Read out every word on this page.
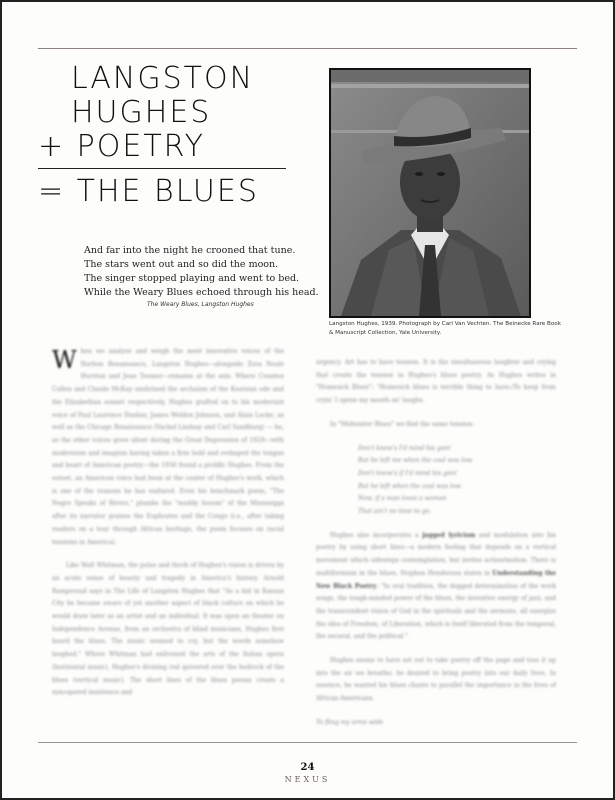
LANGSTON
HUGHES
+ POETRY
= THE BLUES
And far into the night he crooned that tune.
The stars went out and so did the moon.
The singer stopped playing and went to bed.
While the Weary Blues echoed through his head.
The Weary Blues, Langston Hughes
Langston Hughes, 1939. Photograph by Carl Van Vechten. The Beinecke Rare Book & Manuscript Collection, Yale University.

When we analyze and weigh the most innovative voices of the Harlem Renaissance, Langston Hughes—alongside Zora Neale Hurston and Jean Toomer—remains at the axis. Where Countee Cullen and Claude McKay enshrined the archaism of the Keatsian ode and the Elizabethan sonnet respectively, Hughes grafted on to his modernist voice of Paul Laurence Dunbar, James Weldon Johnson, and Alain Locke, as well as the Chicago Renaissance (Vachel Lindsay and Carl Sandburg) — he, as the other voices grew silent during the Great Depression of 1929—with modernism and imagism having taken a firm hold and reshaped the tongue and heart of American poetry—the 1936 found a prolific Hughes. From the outset, an American voice had been at the center of Hughes's work, which is one of the reasons he has endured. Even his benchmark poem, "The Negro Speaks of Rivers," plumbs the "muddy bosom" of the Mississippi after its narrator praises the Euphrates and the Congo (i.e., after taking readers on a tour through African heritage, the poem focuses on racial tensions in America).

Like Walt Whitman, the pulse and throb of Hughes's vision is driven by an acute sense of beauty and tragedy in America's history. Arnold Rampersad says in The Life of Langston Hughes that "As a kid in Kansas City he became aware of yet another aspect of black culture on which he would draw later as an artist and an individual. It was upon an theater on Independence Avenue, from an orchestra of blind musicians, Hughes first heard the blues. The music seemed to cry, but the words somehow laughed." Where Whitman had enlivened the arts of the Italian opera (horizontal music), Hughes's divining rod quivered over the bedrock of the blues (vertical music). The short lines of the blues poems create a syncopated insistence and

urgency. Art has to have tension. It is the simultaneous laughter and crying that create the tension in Hughes's blues poetry. As Hughes writes in "Homesick Blues": "Homesick blues is terrible thing to have./To keep from cryin' I opens my mouth an' laughs.

In "Midwinter Blues" we find the same tension:

Don't know's I'd mind his goin'
But he left me when the coal was low.
Don't know's if I'd mind his goin'
But he left when the coal was low.
Now, if a man loves a woman
That ain't no time to go.

Hughes also incorporates a jagged lyricism and modulation into his poetry by using short lines—a modern feeling that depends on a vertical movement which sidesteps contemplation, but invites action/motion. There is multiformism in the blues. Stephen Henderson states in Understanding the New Black Poetry: "In oral tradition, the dogged determination of the work songs, the tough-minded power of the blues, the inventive energy of jazz, and the transcendent vision of God in the spirituals and the sermons, all energize the idea of Freedom, of Liberation, which is itself liberated from the temporal, the secural, and the political."

Hughes seems to have set out to take poetry off the page and toss it up into the air we breathe; he desired to bring poetry into our daily lives. In essence, he wanted his blues chants to parallel the importance in the lives of African-Americans.

To fling my arms wide

24
NEXUS
